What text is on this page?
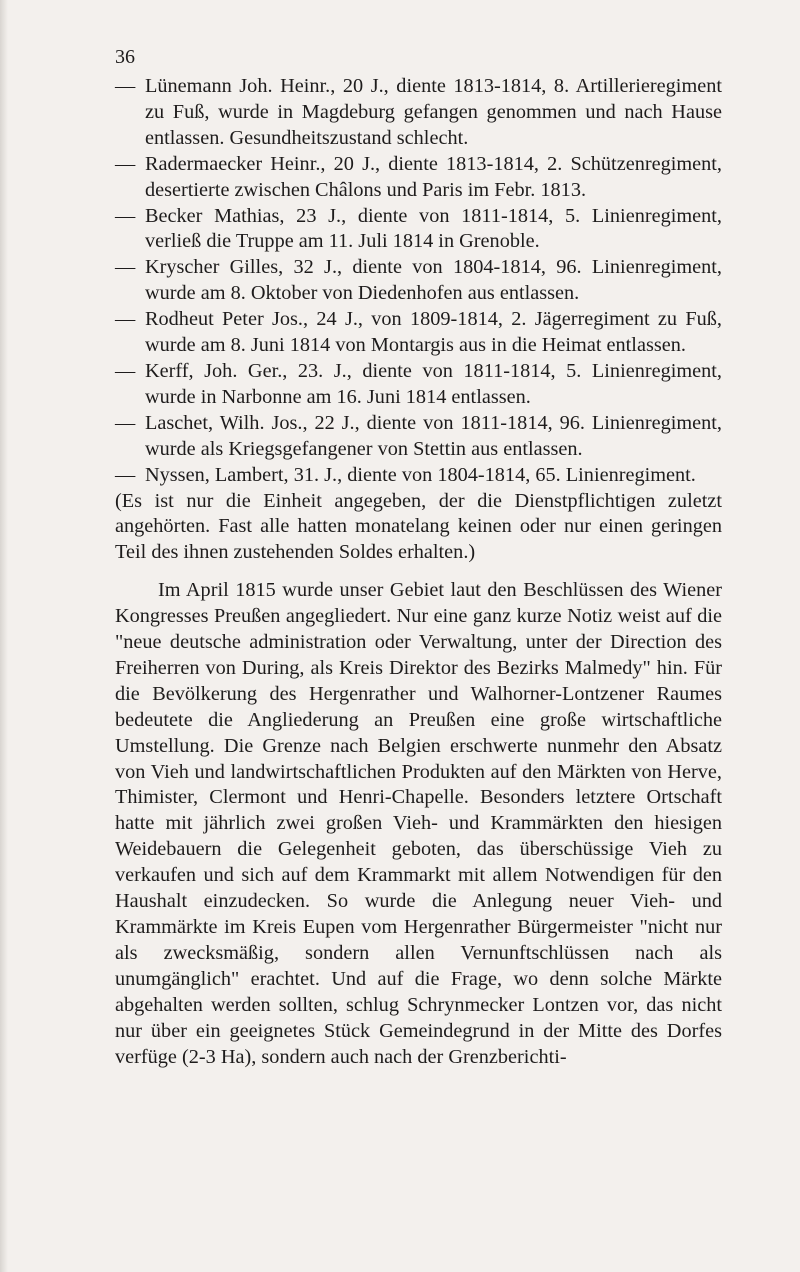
36
— Lünemann Joh. Heinr., 20 J., diente 1813-1814, 8. Artillerieregiment zu Fuß, wurde in Magdeburg gefangen genommen und nach Hause entlassen. Gesundheitszustand schlecht.
— Radermaecker Heinr., 20 J., diente 1813-1814, 2. Schützenregiment, desertierte zwischen Châlons und Paris im Febr. 1813.
— Becker Mathias, 23 J., diente von 1811-1814, 5. Linienregiment, verließ die Truppe am 11. Juli 1814 in Grenoble.
— Kryscher Gilles, 32 J., diente von 1804-1814, 96. Linienregiment, wurde am 8. Oktober von Diedenhofen aus entlassen.
— Rodheut Peter Jos., 24 J., von 1809-1814, 2. Jägerregiment zu Fuß, wurde am 8. Juni 1814 von Montargis aus in die Heimat entlassen.
— Kerff, Joh. Ger., 23. J., diente von 1811-1814, 5. Linienregiment, wurde in Narbonne am 16. Juni 1814 entlassen.
— Laschet, Wilh. Jos., 22 J., diente von 1811-1814, 96. Linienregiment, wurde als Kriegsgefangener von Stettin aus entlassen.
— Nyssen, Lambert, 31. J., diente von 1804-1814, 65. Linienregiment.

(Es ist nur die Einheit angegeben, der die Dienstpflichtigen zuletzt angehörten. Fast alle hatten monatelang keinen oder nur einen geringen Teil des ihnen zustehenden Soldes erhalten.)

Im April 1815 wurde unser Gebiet laut den Beschlüssen des Wiener Kongresses Preußen angegliedert. Nur eine ganz kurze Notiz weist auf die "neue deutsche administration oder Verwaltung, unter der Direction des Freiherren von During, als Kreis Direktor des Bezirks Malmedy" hin. Für die Bevölkerung des Hergenrather und Walhorner-Lontzener Raumes bedeutete die Angliederung an Preußen eine große wirtschaftliche Umstellung. Die Grenze nach Belgien erschwerte nunmehr den Absatz von Vieh und landwirtschaftlichen Produkten auf den Märkten von Herve, Thimister, Clermont und Henri-Chapelle. Besonders letztere Ortschaft hatte mit jährlich zwei großen Vieh- und Krammärkten den hiesigen Weidebauern die Gelegenheit geboten, das überschüssige Vieh zu verkaufen und sich auf dem Krammarkt mit allem Notwendigen für den Haushalt einzudecken. So wurde die Anlegung neuer Vieh- und Krammärkte im Kreis Eupen vom Hergenrather Bürgermeister "nicht nur als zwecksmäßig, sondern allen Vernunftschlüssen nach als unumgänglich" erachtet. Und auf die Frage, wo denn solche Märkte abgehalten werden sollten, schlug Schrynmecker Lontzen vor, das nicht nur über ein geeignetes Stück Gemeindegrund in der Mitte des Dorfes verfüge (2-3 Ha), sondern auch nach der Grenzberichti-
